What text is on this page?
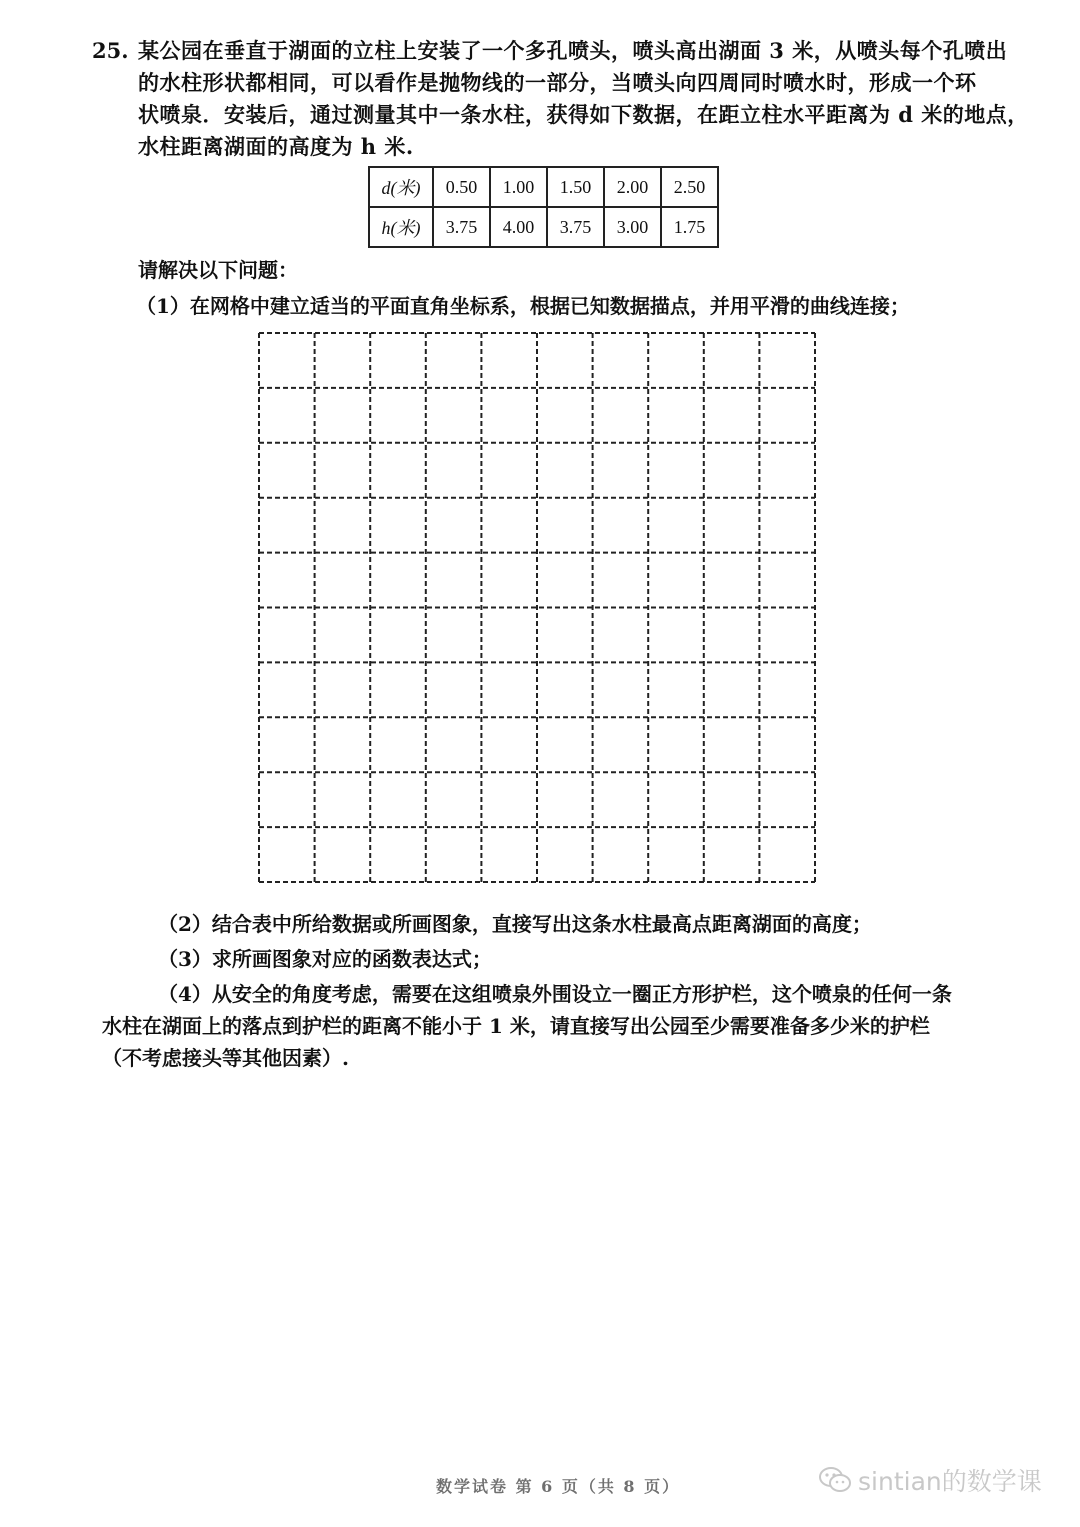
25. 某公园在垂直于湖面的立柱上安装了一个多孔喷头，喷头高出湖面 3 米，从喷头每个孔喷出
的水柱形状都相同，可以看作是抛物线的一部分，当喷头向四周同时喷水时，形成一个环
状喷泉．安装后，通过测量其中一条水柱，获得如下数据，在距立柱水平距离为 d 米的地点，
水柱距离湖面的高度为 h 米.
d(米)	0.50	1.00	1.50	2.00	2.50
h(米)	3.75	4.00	3.75	3.00	1.75
请解决以下问题：
（1）在网格中建立适当的平面直角坐标系，根据已知数据描点，并用平滑的曲线连接；
（2）结合表中所给数据或所画图象，直接写出这条水柱最高点距离湖面的高度；
（3）求所画图象对应的函数表达式；
（4）从安全的角度考虑，需要在这组喷泉外围设立一圈正方形护栏，这个喷泉的任何一条
水柱在湖面上的落点到护栏的距离不能小于 1 米，请直接写出公园至少需要准备多少米的护栏
（不考虑接头等其他因素）.
数学试卷 第 6 页（共 8 页）	sintian的数学课
